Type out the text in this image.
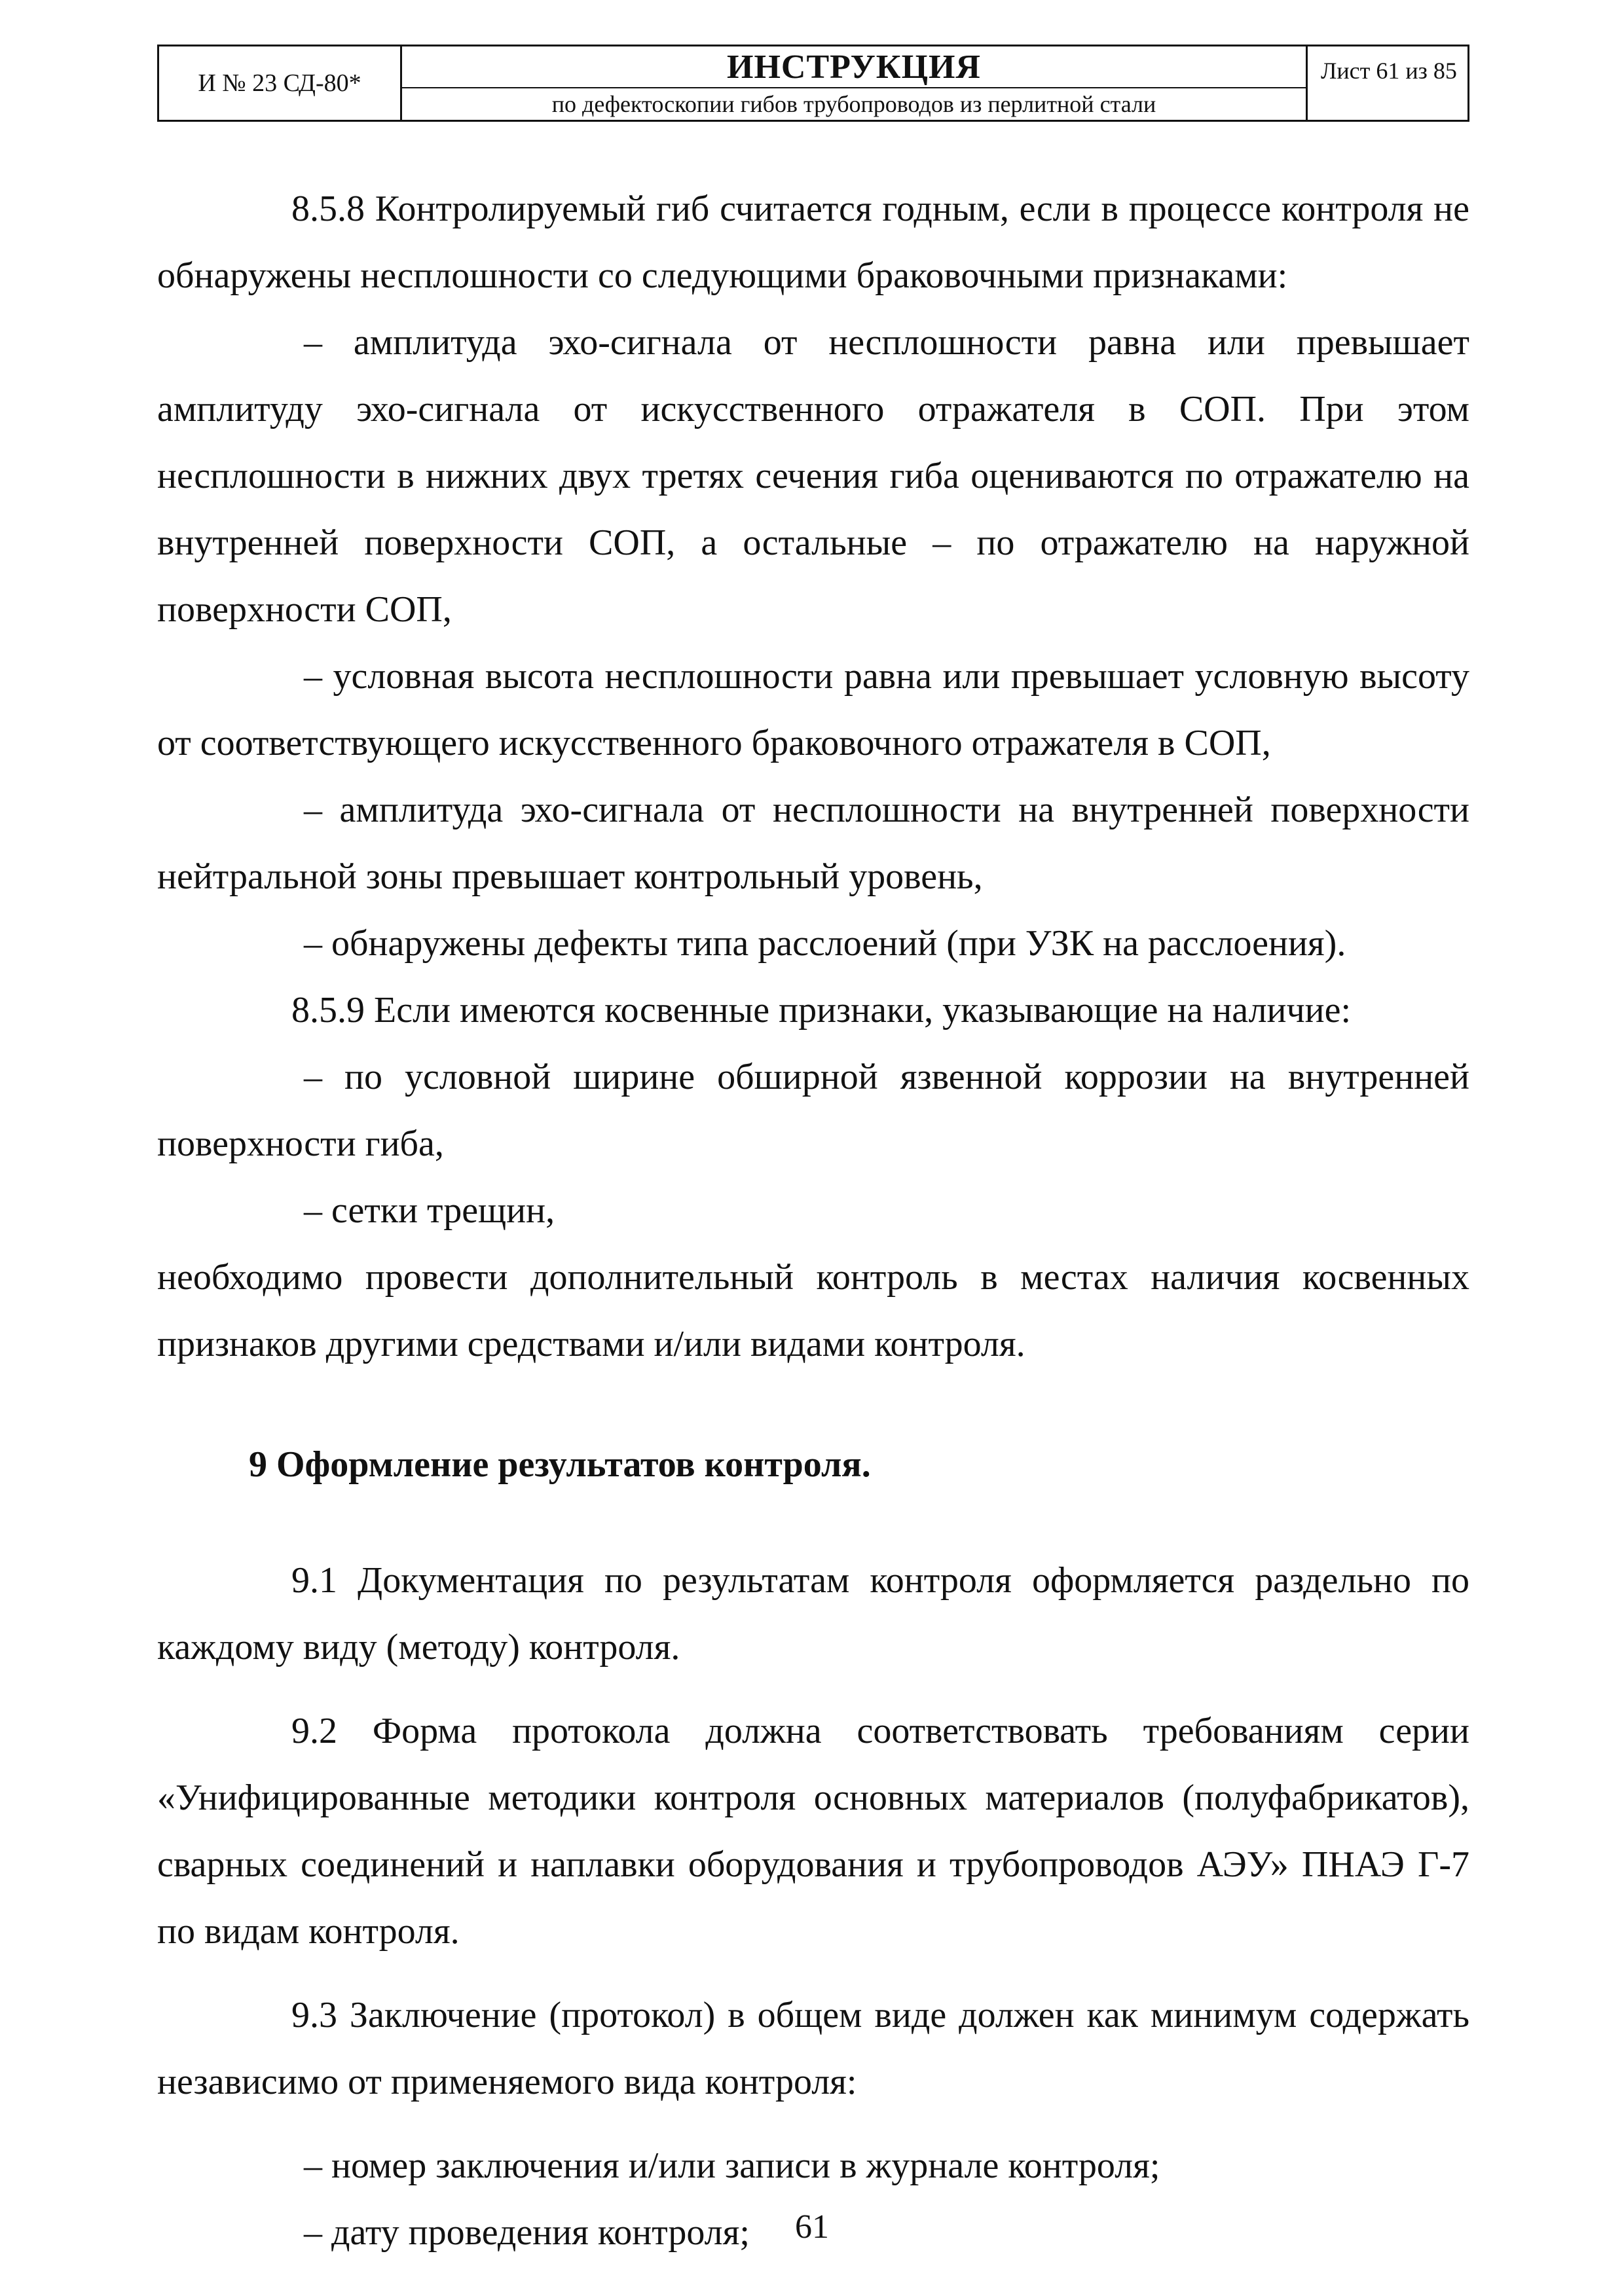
И № 23 СД-80*	ИНСТРУКЦИЯ
по дефектоскопии гибов трубопроводов из перлитной стали
Лист 61 из 85

8.5.8 Контролируемый гиб считается годным, если в процессе контроля не обнаружены несплошности со следующими браковочными признаками:

– амплитуда эхо-сигнала от несплошности равна или превышает амплитуду эхо-сигнала от искусственного отражателя в СОП. При этом несплошности в нижних двух третях сечения гиба оцениваются по отражателю на внутренней поверхности СОП, а остальные – по отражателю на наружной поверхности СОП,

– условная высота несплошности равна или превышает условную высоту от соответствующего искусственного браковочного отражателя в СОП,

– амплитуда эхо-сигнала от несплошности на внутренней поверхности нейтральной зоны превышает контрольный уровень,

– обнаружены дефекты типа расслоений (при УЗК на расслоения).

8.5.9 Если имеются косвенные признаки, указывающие на наличие:

– по условной ширине обширной язвенной коррозии на внутренней поверхности гиба,

– сетки трещин,

необходимо провести дополнительный контроль в местах наличия косвенных признаков другими средствами и/или видами контроля.

9 Оформление результатов контроля.

9.1 Документация по результатам контроля оформляется раздельно по каждому виду (методу) контроля.

9.2 Форма протокола должна соответствовать требованиям серии «Унифицированные методики контроля основных материалов (полуфабрикатов), сварных соединений и наплавки оборудования и трубопроводов АЭУ» ПНАЭ Г-7 по видам контроля.

9.3 Заключение (протокол) в общем виде должен как минимум содержать независимо от применяемого вида контроля:

– номер заключения и/или записи в журнале контроля;

– дату проведения контроля;	61
